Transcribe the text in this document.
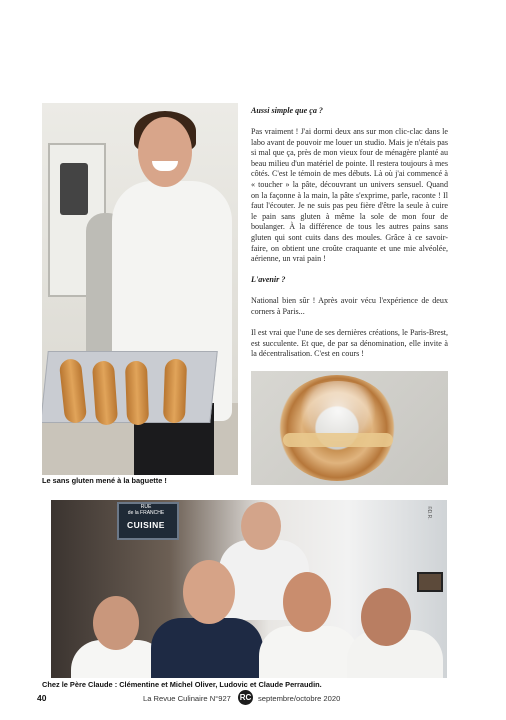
Le sans gluten mené à la baguette !

Aussi simple que ça ?

Pas vraiment ! J'ai dormi deux ans sur mon clic-clac dans le labo avant de pouvoir me louer un studio. Mais je n'étais pas si mal que ça, près de mon vieux four de ménagère planté au beau milieu d'un matériel de pointe. Il restera toujours à mes côtés. C'est le témoin de mes débuts. Là où j'ai commencé à « toucher » la pâte, découvrant un univers sensuel. Quand on la façonne à la main, la pâte s'exprime, parle, raconte ! Il faut l'écouter. Je ne suis pas peu fière d'être la seule à cuire le pain sans gluten à même la sole de mon four de boulanger. À la différence de tous les autres pains sans gluten qui sont cuits dans des moules. Grâce à ce savoir-faire, on obtient une croûte craquante et une mie alvéolée, aérienne, un vrai pain !

L'avenir ?

National bien sûr ! Après avoir vécu l'expérience de deux corners à Paris...

Il est vrai que l'une de ses dernières créations, le Paris-Brest, est succulente. Et que, de par sa dénomination, elle invite à la décentralisation. C'est en cours !

RUE
de la FRANCHE
CUISINE
©D.R.
Chez le Père Claude : Clémentine et Michel Oliver, Ludovic et Claude Perraudin.
40	La Revue Culinaire N°927 RC septembre/octobre 2020
